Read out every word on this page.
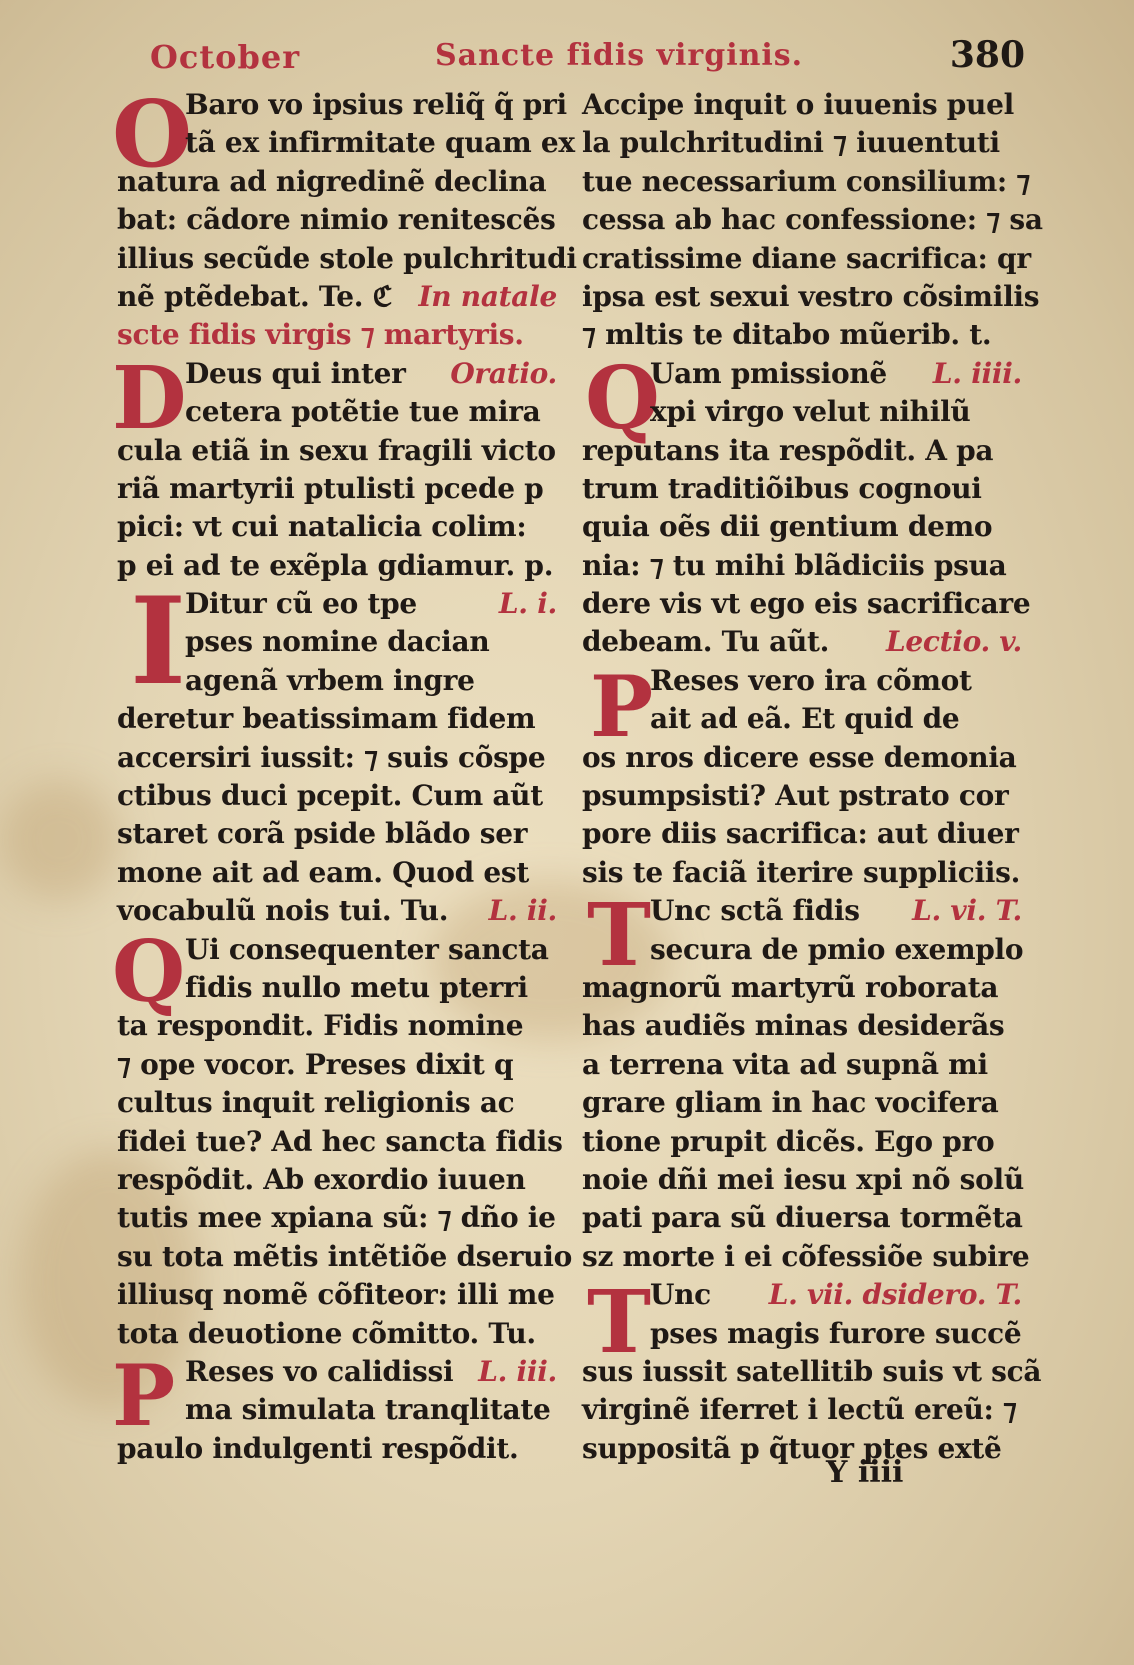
October	Sancte fidis virginis.	380
O
D
I
Q
P
Q
P
T
T
Baro vo ipsius reliq̃ q̃ pri
tã ex infirmitate quam ex
natura ad nigredinẽ declina
bat: cãdore nimio renitescẽs
illius secũde stole pulchritudi
nẽ ptẽdebat. Te. ℭ In natale
scte fidis virgis ⁊ martyris.
Deus qui inter Oratio.
cetera potẽtie tue mira
cula etiã in sexu fragili victo
riã martyrii ptulisti pcede p
pici: vt cui natalicia colim:
p ei ad te exẽpla gdiamur. p.
Ditur cũ eo tpe	L. i.
pses nomine dacian
agenã vrbem ingre
deretur beatissimam fidem
accersiri iussit: ⁊ suis cõspe
ctibus duci pcepit. Cum aũt
staret corã pside blãdo ser
mone ait ad eam. Quod est
vocabulũ nois tui. Tu. L. ii.
Ui consequenter sancta
fidis nullo metu pterri
ta respondit. Fidis nomine
⁊ ope vocor. Preses dixit q
cultus inquit religionis ac
fidei tue? Ad hec sancta fidis
respõdit. Ab exordio iuuen
tutis mee xpiana sũ: ⁊ dño ie
su tota mẽtis intẽtiõe dseruio
illiusq nomẽ cõfiteor: illi me
tota deuotione cõmitto. Tu.
Reses vo calidissi L. iii.
ma simulata tranqlitate
paulo indulgenti respõdit.
Accipe inquit o iuuenis puel
la pulchritudini ⁊ iuuentuti
tue necessarium consilium: ⁊
cessa ab hac confessione: ⁊ sa
cratissime diane sacrifica: qr
ipsa est sexui vestro cõsimilis
⁊ mltis te ditabo mũerib. t.
Uam pmissionẽ L. iiii.
xpi virgo velut nihilũ
reputans ita respõdit. A pa
trum traditiõibus cognoui
quia oẽs dii gentium demo
nia: ⁊ tu mihi blãdiciis psua
dere vis vt ego eis sacrificare
debeam. Tu aũt. Lectio. v.
Reses vero ira cõmot
ait ad eã. Et quid de
os nros dicere esse demonia
psumpsisti? Aut pstrato cor
pore diis sacrifica: aut diuer
sis te faciã iterire suppliciis.
Unc sctã fidis L. vi. T.
secura de pmio exemplo
magnorũ martyrũ roborata
has audiẽs minas desiderãs
a terrena vita ad supnã mi
grare gliam in hac vocifera
tione prupit dicẽs. Ego pro
noie dñi mei iesu xpi nõ solũ
pati para sũ diuersa tormẽta
sz morte i ei cõfessiõe subire
Unc L. vii. dsidero. T.
pses magis furore succẽ
sus iussit satellitib suis vt scã
virginẽ iferret i lectũ ereũ: ⁊
suppositã p q̃tuor ptes extẽ
Y iiii
